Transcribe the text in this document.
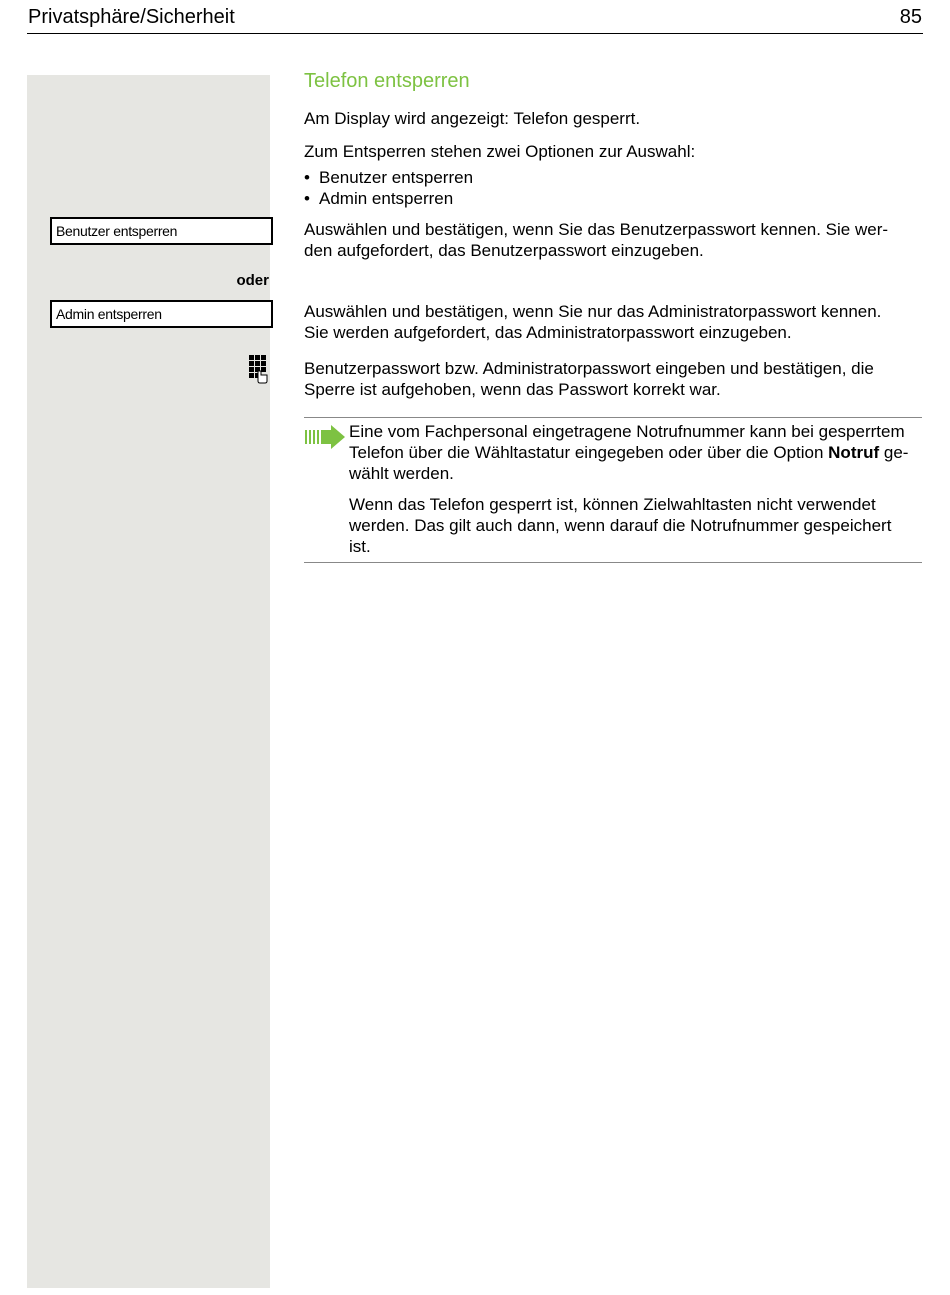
Privatsphäre/Sicherheit	85
Benutzer entsperren
oder
Admin entsperren
Telefon entsperren
Am Display wird angezeigt: Telefon gesperrt.
Zum Entsperren stehen zwei Optionen zur Auswahl:
• Benutzer entsperren
• Admin entsperren
Auswählen und bestätigen, wenn Sie das Benutzerpasswort kennen. Sie wer-
den aufgefordert, das Benutzerpasswort einzugeben.
Auswählen und bestätigen, wenn Sie nur das Administratorpasswort kennen.
Sie werden aufgefordert, das Administratorpasswort einzugeben.
Benutzerpasswort bzw. Administratorpasswort eingeben und bestätigen, die
Sperre ist aufgehoben, wenn das Passwort korrekt war.
Eine vom Fachpersonal eingetragene Notrufnummer kann bei gesperrtem
Telefon über die Wähltastatur eingegeben oder über die Option Notruf ge-
wählt werden.
Wenn das Telefon gesperrt ist, können Zielwahltasten nicht verwendet
werden. Das gilt auch dann, wenn darauf die Notrufnummer gespeichert
ist.
